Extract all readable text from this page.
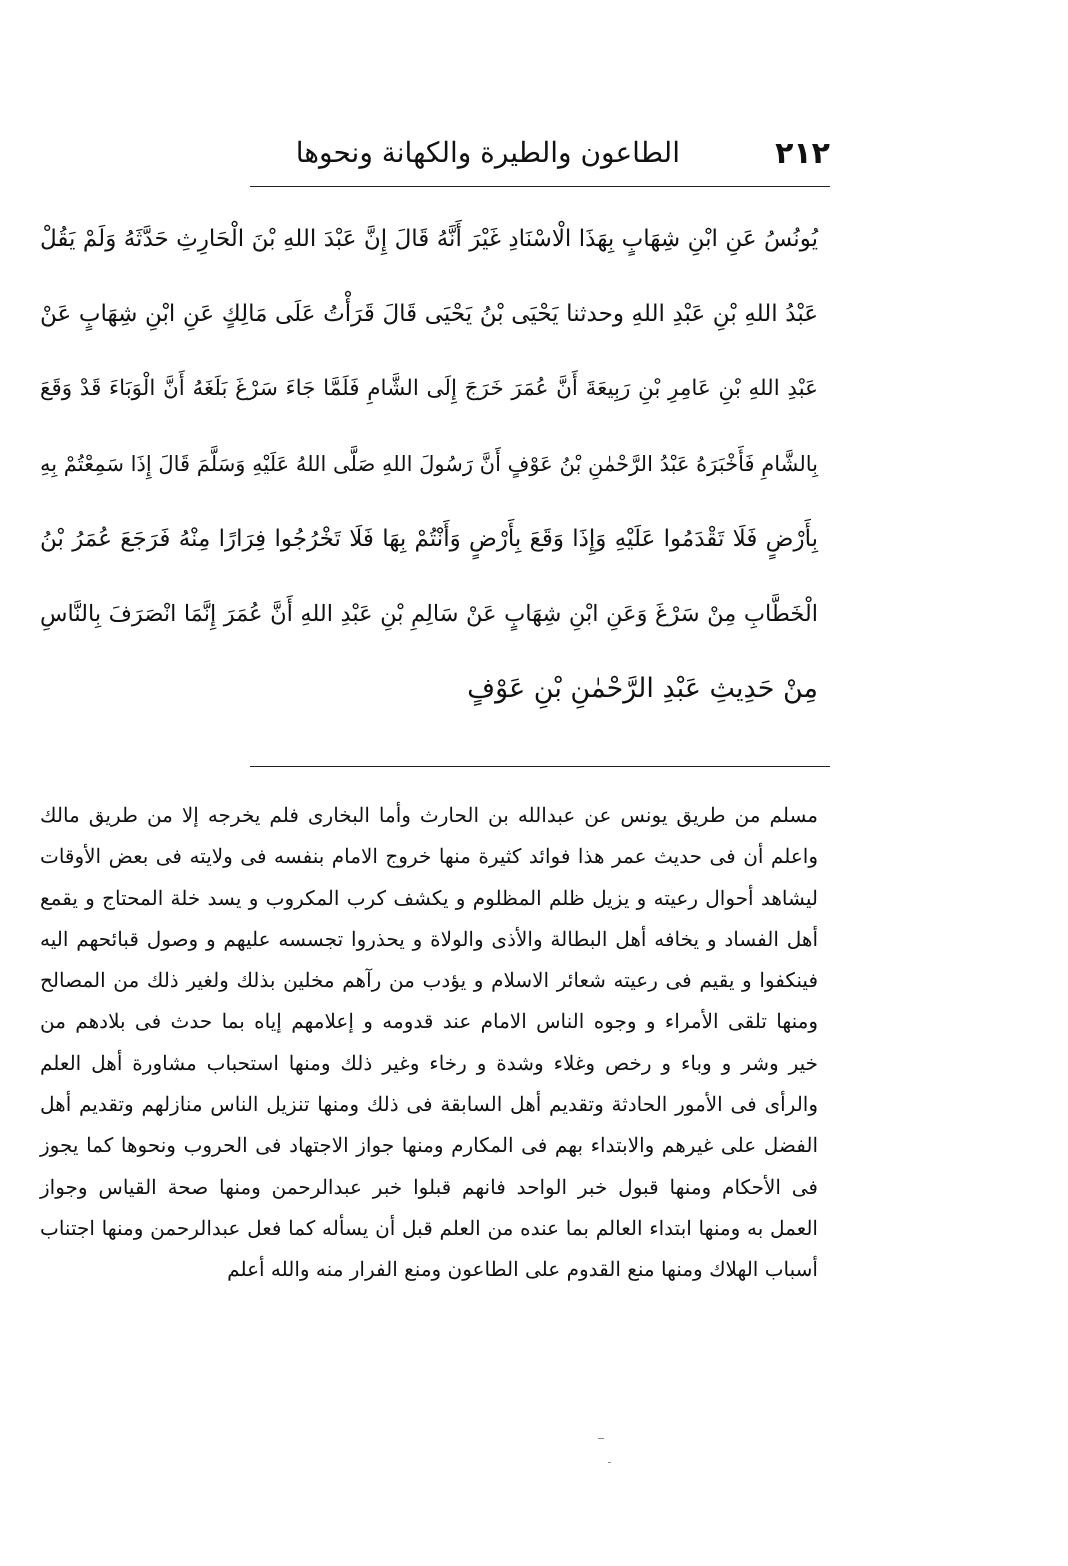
٢١٢
الطاعون والطيرة والكهانة ونحوها
يُونُسُ عَنِ ابْنِ شِهَابٍ بِهَذَا الْاسْنَادِ غَيْرَ أَنَّهُ قَالَ إِنَّ عَبْدَ اللهِ بْنَ الْحَارِثِ حَدَّثَهُ وَلَمْ يَقُلْ
عَبْدُ اللهِ بْنِ عَبْدِ اللهِ وحدثنا يَحْيَى بْنُ يَحْيَى قَالَ قَرَأْتُ عَلَى مَالِكٍ عَنِ ابْنِ شِهَابٍ عَنْ
عَبْدِ اللهِ بْنِ عَامِرِ بْنِ رَبِيعَةَ أَنَّ عُمَرَ خَرَجَ إِلَى الشَّامِ فَلَمَّا جَاءَ سَرْغَ بَلَغَهُ أَنَّ الْوَبَاءَ قَدْ وَقَعَ
بِالشَّامِ فَأَخْبَرَهُ عَبْدُ الرَّحْمٰنِ بْنُ عَوْفٍ أَنَّ رَسُولَ اللهِ صَلَّى اللهُ عَلَيْهِ وَسَلَّمَ قَالَ إِذَا سَمِعْتُمْ بِهِ
بِأَرْضٍ فَلَا تَقْدَمُوا عَلَيْهِ وَإِذَا وَقَعَ بِأَرْضٍ وَأَنْتُمْ بِهَا فَلَا تَخْرُجُوا فِرَارًا مِنْهُ فَرَجَعَ عُمَرُ بْنُ
الْخَطَّابِ مِنْ سَرْغَ وَعَنِ ابْنِ شِهَابٍ عَنْ سَالِمِ بْنِ عَبْدِ اللهِ أَنَّ عُمَرَ إِنَّمَا انْصَرَفَ بِالنَّاسِ
مِنْ حَدِيثِ عَبْدِ الرَّحْمٰنِ بْنِ عَوْفٍ
مسلم من طريق يونس عن عبدالله بن الحارث وأما البخارى فلم يخرجه إلا من طريق مالك
واعلم أن فى حديث عمر هذا فوائد كثيرة منها خروج الامام بنفسه فى ولايته فى بعض الأوقات
ليشاهد أحوال رعيته و يزيل ظلم المظلوم و يكشف كرب المكروب و يسد خلة المحتاج و يقمع
أهل الفساد و يخافه أهل البطالة والأذى والولاة و يحذروا تجسسه عليهم و وصول قبائحهم اليه
فينكفوا و يقيم فى رعيته شعائر الاسلام و يؤدب من رآهم مخلين بذلك ولغير ذلك من المصالح
ومنها تلقى الأمراء و وجوه الناس الامام عند قدومه و إعلامهم إياه بما حدث فى بلادهم من
خير وشر و وباء و رخص وغلاء وشدة و رخاء وغير ذلك ومنها استحباب مشاورة أهل العلم
والرأى فى الأمور الحادثة وتقديم أهل السابقة فى ذلك ومنها تنزيل الناس منازلهم وتقديم أهل
الفضل على غيرهم والابتداء بهم فى المكارم ومنها جواز الاجتهاد فى الحروب ونحوها كما يجوز
فى الأحكام ومنها قبول خبر الواحد فانهم قبلوا خبر عبدالرحمن ومنها صحة القياس وجواز
العمل به ومنها ابتداء العالم بما عنده من العلم قبل أن يسأله كما فعل عبدالرحمن ومنها اجتناب
أسباب الهلاك ومنها منع القدوم على الطاعون ومنع الفرار منه والله أعلم
